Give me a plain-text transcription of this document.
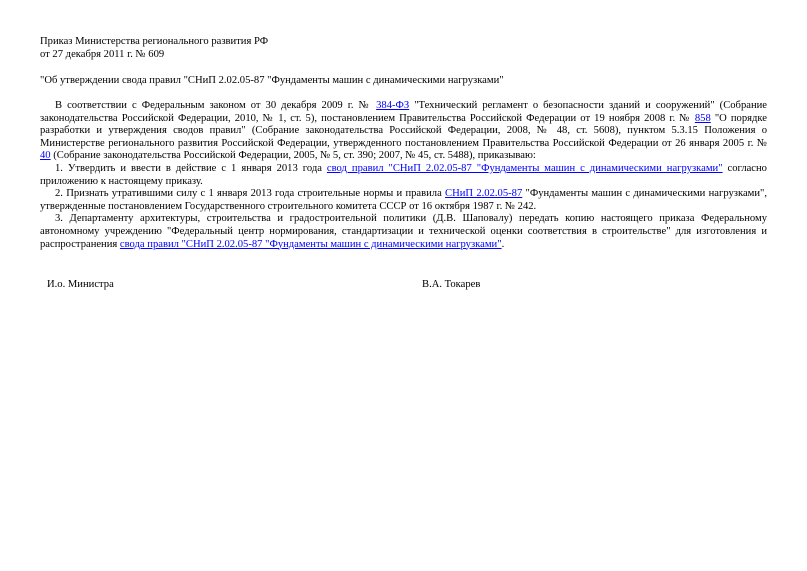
Приказ Министерства регионального развития РФ
от 27 декабря 2011 г. № 609
"Об утверждении свода правил "СНиП 2.02.05-87 "Фундаменты машин с динамическими нагрузками"

В соответствии с Федеральным законом от 30 декабря 2009 г. № 384-ФЗ "Технический регламент о безопасности зданий и сооружений" (Собрание законодательства Российской Федерации, 2010, № 1, ст. 5), постановлением Правительства Российской Федерации от 19 ноября 2008 г. № 858 "О порядке разработки и утверждения сводов правил" (Собрание законодательства Российской Федерации, 2008, № 48, ст. 5608), пунктом 5.3.15 Положения о Министерстве регионального развития Российской Федерации, утвержденного постановлением Правительства Российской Федерации от 26 января 2005 г. № 40 (Собрание законодательства Российской Федерации, 2005, № 5, ст. 390; 2007, № 45, ст. 5488), приказываю:

1. Утвердить и ввести в действие с 1 января 2013 года свод правил "СНиП 2.02.05-87 "Фундаменты машин с динамическими нагрузками" согласно приложению к настоящему приказу.

2. Признать утратившими силу с 1 января 2013 года строительные нормы и правила СНиП 2.02.05-87 "Фундаменты машин с динамическими нагрузками", утвержденные постановлением Государственного строительного комитета СССР от 16 октября 1987 г. № 242.

3. Департаменту архитектуры, строительства и градостроительной политики (Д.В. Шаповалу) передать копию настоящего приказа Федеральному автономному учреждению "Федеральный центр нормирования, стандартизации и технической оценки соответствия в строительстве" для изготовления и распространения свода правил "СНиП 2.02.05-87 "Фундаменты машин с динамическими нагрузками".

И.о. Министра	В.А. Токарев
